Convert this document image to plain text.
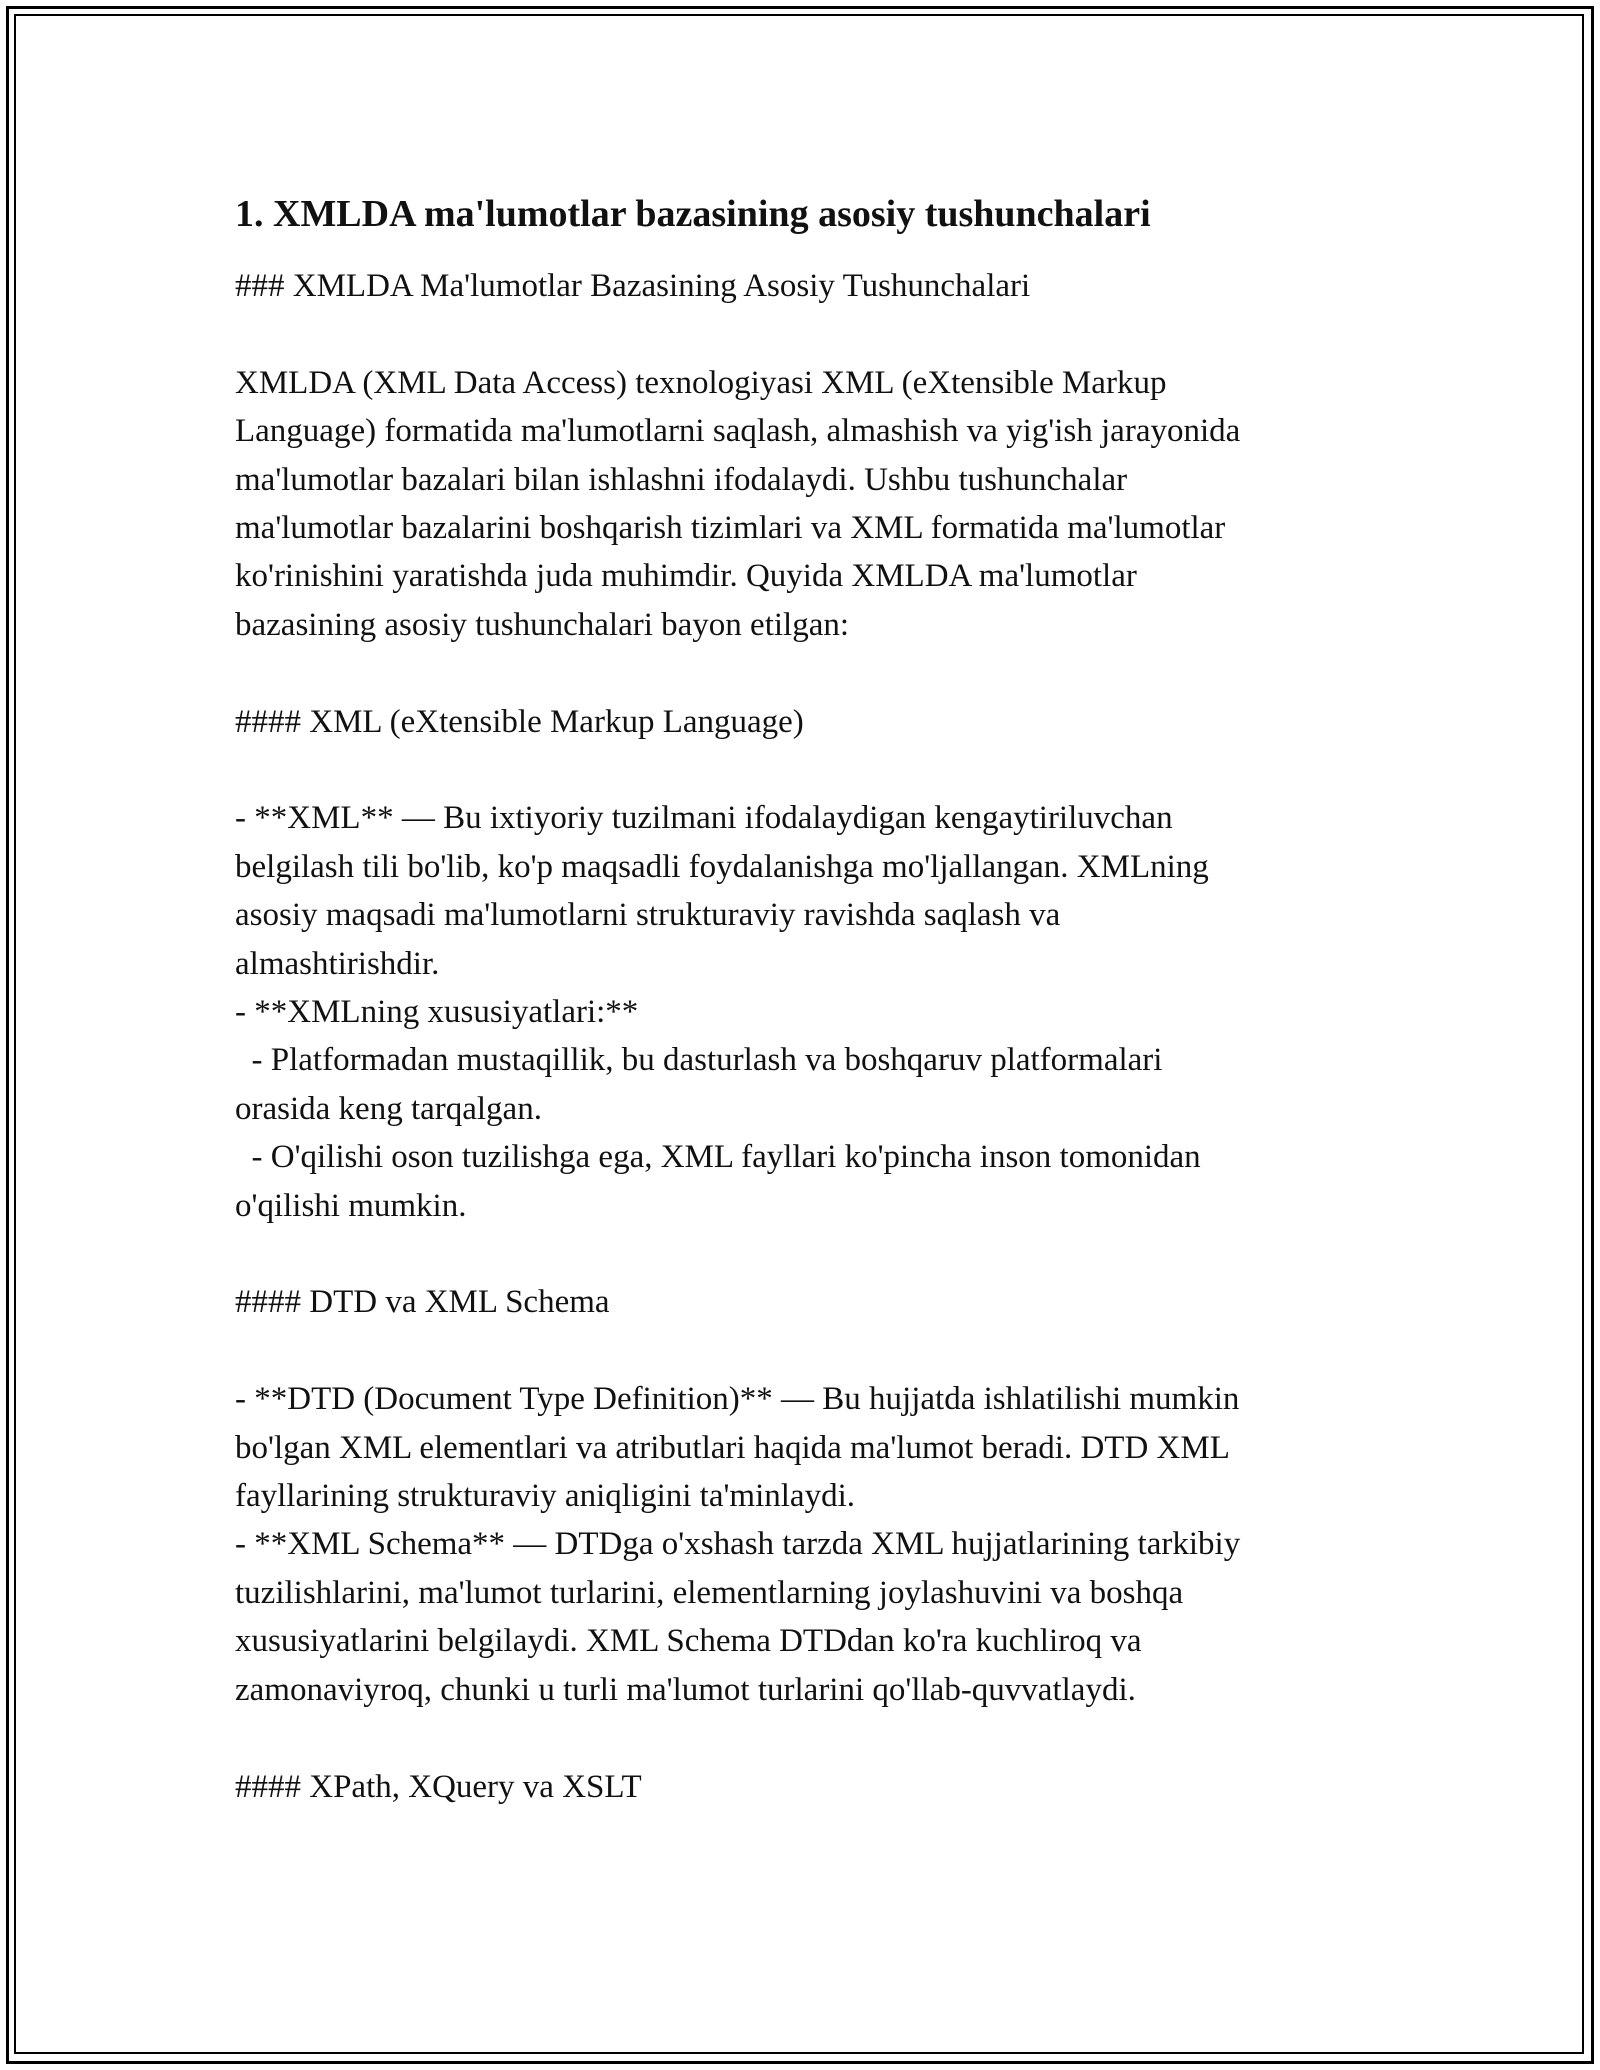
1. XMLDA ma'lumotlar bazasining asosiy tushunchalari

### XMLDA Ma'lumotlar Bazasining Asosiy Tushunchalari

XMLDA (XML Data Access) texnologiyasi XML (eXtensible Markup

Language) formatida ma'lumotlarni saqlash, almashish va yig'ish jarayonida

ma'lumotlar bazalari bilan ishlashni ifodalaydi. Ushbu tushunchalar

ma'lumotlar bazalarini boshqarish tizimlari va XML formatida ma'lumotlar

ko'rinishini yaratishda juda muhimdir. Quyida XMLDA ma'lumotlar

bazasining asosiy tushunchalari bayon etilgan:

#### XML (eXtensible Markup Language)

- **XML** — Bu ixtiyoriy tuzilmani ifodalaydigan kengaytiriluvchan

belgilash tili bo'lib, ko'p maqsadli foydalanishga mo'ljallangan. XMLning

asosiy maqsadi ma'lumotlarni strukturaviy ravishda saqlash va

almashtirishdir.

- **XMLning xususiyatlari:**

- Platformadan mustaqillik, bu dasturlash va boshqaruv platformalari

orasida keng tarqalgan.

- O'qilishi oson tuzilishga ega, XML fayllari ko'pincha inson tomonidan

o'qilishi mumkin.

#### DTD va XML Schema

- **DTD (Document Type Definition)** — Bu hujjatda ishlatilishi mumkin

bo'lgan XML elementlari va atributlari haqida ma'lumot beradi. DTD XML

fayllarining strukturaviy aniqligini ta'minlaydi.

- **XML Schema** — DTDga o'xshash tarzda XML hujjatlarining tarkibiy

tuzilishlarini, ma'lumot turlarini, elementlarning joylashuvini va boshqa

xususiyatlarini belgilaydi. XML Schema DTDdan ko'ra kuchliroq va

zamonaviyroq, chunki u turli ma'lumot turlarini qo'llab-quvvatlaydi.

#### XPath, XQuery va XSLT
